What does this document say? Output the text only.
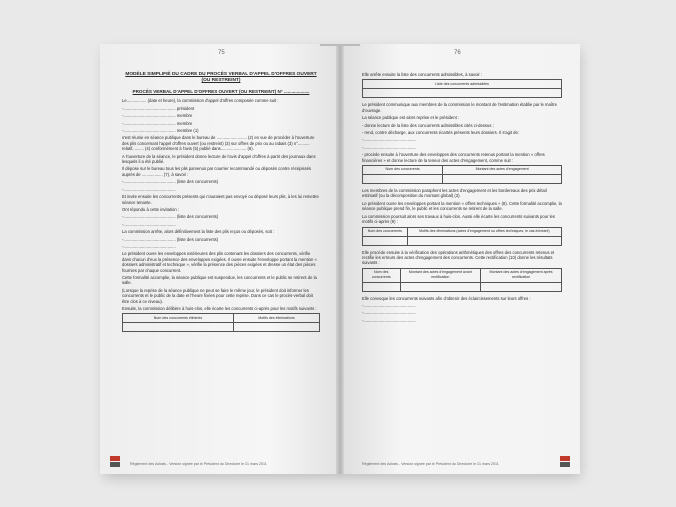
75
MODÈLE SIMPLIFIÉ DU CADRE DU PROCÈS VERBAL D'APPEL D'OFFRES OUVERT (OU RESTREINT)
PROCÈS VERBAL D'APPEL D'OFFRES OUVERT (OU RESTREINT) N° ....................

Le................. (date et heure), la commission d'appel d'offres composée comme suit :

-............................................. président

-............................................. membre

-............................................. membre

-............................................. membre (1)

s'est réunie en séance publique dans le bureau de .......................... (2) en vue de procéder à l'ouverture des plis concernant l'appel d'offres ouvert (ou restreint) (3) sur offres de prix ou au rabais (3) n°.......... relatif.......... (4) conformément à l'avis (5) publié dans...................... (6).

A l'ouverture de la séance, le président donne lecture de l'avis d'appel d'offres à partir des journaux dans lesquels il a été publié.

Il dépose sur le bureau tous les plis parvenus par courrier recommandé ou déposés contre récépissés auprès de .................. (7), à savoir :

-............................................. (liste des concurrents)

-.............................................

Et invite ensuite les concurrents présents qui n'auraient pas envoyé ou déposé leurs plis, à les lui remettre séance tenante.

Ont répondu à cette invitation :

-............................................. (liste des concurrents)

-.............................................

La commission arrête, alors définitivement la liste des plis reçus ou déposés, soit :

-............................................. (liste des concurrents)

-.............................................

Le président ouvre les enveloppes extérieures des plis contenant les dossiers des concurrents, vérifie dans chacun d'eux la présence des enveloppes exigées. Il ouvre ensuite l'enveloppe portant la mention « dossiers administratif et technique », vérifie la présence des pièces exigées et dresse un état des pièces fournies par chaque concurrent.

Cette formalité accomplie, la séance publique est suspendue, les concurrents et le public se retirent de la salle.

(Lorsque la reprise de la séance publique ne peut se faire le même jour, le président doit informer les concurrents et le public de la date et l'heure fixées pour cette reprise. Dans ce cas le procès-verbal doit être clos à ce niveau).

Ensuite, la commission délibère à huis-clos, elle écarte les concurrents ci-après pour les motifs suivants :

Nom des concurrents éliminés	Motifs des éliminations

Règlement des Achats - Version signée par le Président du Directoire le 31 mars 2011
76

Elle arrête ensuite la liste des concurrents admissibles, à savoir :

Liste des concurrents admissibles

Le président communique aux membres de la commission le montant de l'estimation établie par le maître d'ouvrage.

La séance publique est alors reprise et le président :

- donne lecture de la liste des concurrents admissibles cités ci-dessus ;

- rend, contre décharge, aux concurrents écartés présents leurs dossiers. Il s'agit de:

-.............................................

-.............................................

- procède ensuite à l'ouverture des enveloppes des concurrents retenus portant la mention « offres financières » et donne lecture de la teneur des actes d'engagement, comme suit :

Nom des concurrents	Montant des actes d'engagement

Les membres de la commission paraphent les actes d'engagement et les bordereaux des prix détail estimatif (ou la décomposition du montant global) (3).

Le président ouvre les enveloppes portant la mention « offres techniques » (8). Cette formalité accomplie, la séance publique prend fin, le public et les concurrents se retirent de la salle.

La commission poursuit alors ses travaux à huis-clos. Aussi elle écarte les concurrents suivants pour les motifs ci-après (9) :

Nom des concurrents	Motifs des éliminations (actes d'engagement ou offres techniques, le cas échéant)

Elle procède ensuite à la vérification des opérations arithmétiques des offres des concurrents retenus et rectifie les erreurs des actes d'engagement des concurrents. Cette rectification (10) donne les résultats suivants :

Nom des concurrents	Montant des actes d'engagement avant rectification	Montant des actes d'engagement après rectification

Elle convoque les concurrents suivants afin d'obtenir des éclaircissements sur leurs offres :

-.............................................

-.............................................

-.............................................

Règlement des Achats - Version signée par le Président du Directoire le 31 mars 2011
